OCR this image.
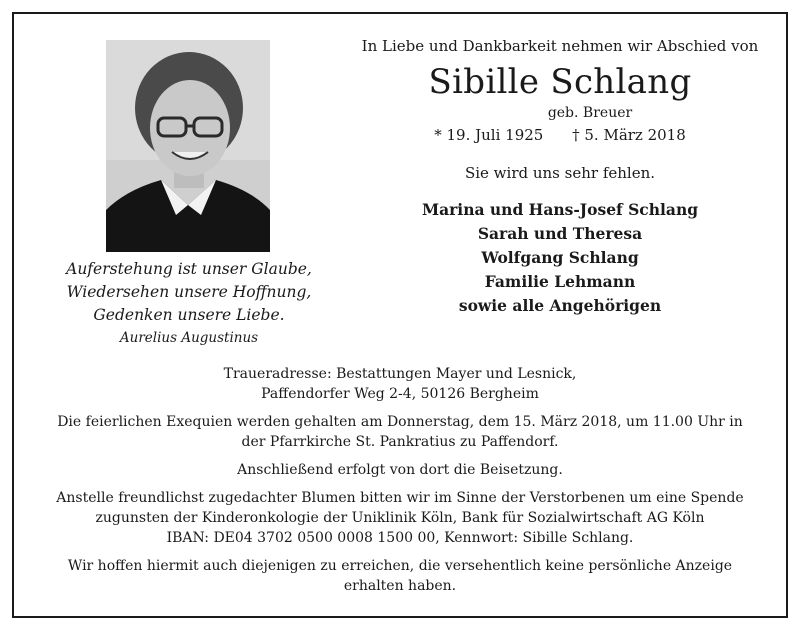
Auferstehung ist unser Glaube,
Wiedersehen unsere Hoffnung,
Gedenken unsere Liebe.
Aurelius Augustinus
In Liebe und Dankbarkeit nehmen wir Abschied von
Sibille Schlang
geb. Breuer
* 19. Juli 1925 † 5. März 2018
Sie wird uns sehr fehlen.
Marina und Hans-Josef Schlang
Sarah und Theresa
Wolfgang Schlang
Familie Lehmann
sowie alle Angehörigen

Traueradresse: Bestattungen Mayer und Lesnick,
Paffendorfer Weg 2-4, 50126 Bergheim

Die feierlichen Exequien werden gehalten am Donnerstag, dem 15. März 2018, um 11.00 Uhr in
der Pfarrkirche St. Pankratius zu Paffendorf.

Anschließend erfolgt von dort die Beisetzung.

Anstelle freundlichst zugedachter Blumen bitten wir im Sinne der Verstorbenen um eine Spende
zugunsten der Kinderonkologie der Uniklinik Köln, Bank für Sozialwirtschaft AG Köln
IBAN: DE04 3702 0500 0008 1500 00, Kennwort: Sibille Schlang.

Wir hoffen hiermit auch diejenigen zu erreichen, die versehentlich keine persönliche Anzeige
erhalten haben.
